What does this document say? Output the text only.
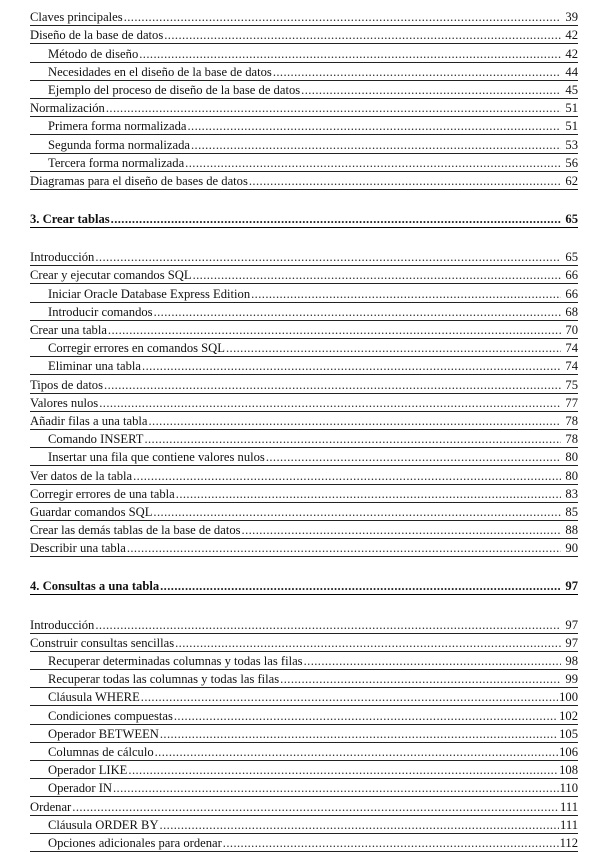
Claves principales .....	39
Diseño de la base de datos .....	42
Método de diseño .....	42
Necesidades en el diseño de la base de datos .....	44
Ejemplo del proceso de diseño de la base de datos .....	45
Normalización .....	51
Primera forma normalizada .....	51
Segunda forma normalizada .....	53
Tercera forma normalizada .....	56
Diagramas para el diseño de bases de datos .....	62
3. Crear tablas .....	65
Introducción .....	65
Crear y ejecutar comandos SQL .....	66
Iniciar Oracle Database Express Edition .....	66
Introducir comandos .....	68
Crear una tabla .....	70
Corregir errores en comandos SQL .....	74
Eliminar una tabla .....	74
Tipos de datos .....	75
Valores nulos .....	77
Añadir filas a una tabla .....	78
Comando INSERT .....	78
Insertar una fila que contiene valores nulos .....	80
Ver datos de la tabla .....	80
Corregir errores de una tabla .....	83
Guardar comandos SQL .....	85
Crear las demás tablas de la base de datos .....	88
Describir una tabla .....	90
4. Consultas a una tabla .....	97
Introducción .....	97
Construir consultas sencillas .....	97
Recuperar determinadas columnas y todas las filas .....	98
Recuperar todas las columnas y todas las filas .....	99
Cláusula WHERE .....	100
Condiciones compuestas .....	102
Operador BETWEEN .....	105
Columnas de cálculo .....	106
Operador LIKE .....	108
Operador IN .....	110
Ordenar .....	111
Cláusula ORDER BY .....	111
Opciones adicionales para ordenar .....	112
